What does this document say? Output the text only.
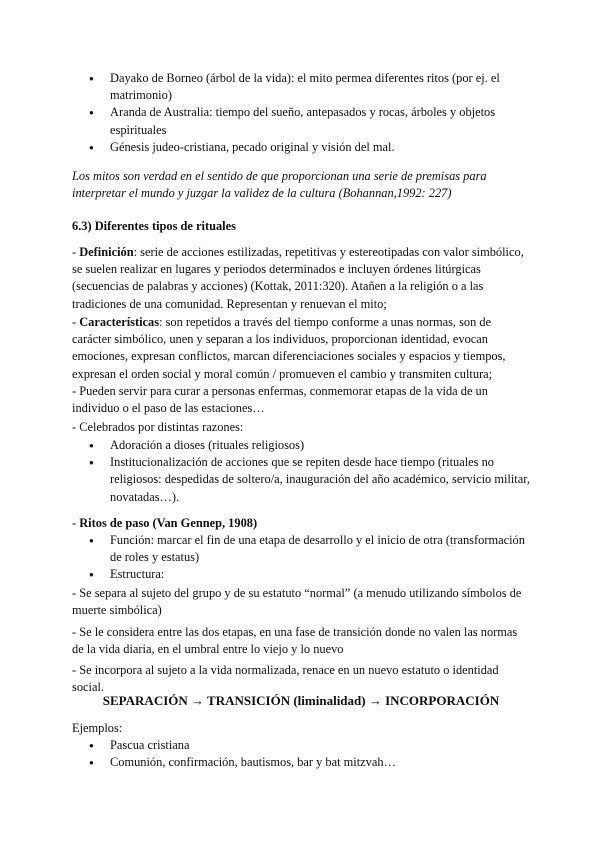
● Dayako de Borneo (árbol de la vida): el mito permea diferentes ritos (por ej. el matrimonio)
● Aranda de Australia: tiempo del sueño, antepasados y rocas, árboles y objetos espirituales
● Génesis judeo-cristiana, pecado original y visión del mal.

Los mitos son verdad en el sentido de que proporcionan una serie de premisas para interpretar el mundo y juzgar la validez de la cultura (Bohannan,1992: 227)

6.3) Diferentes tipos de rituales

- Definición: serie de acciones estilizadas, repetitivas y estereotipadas con valor simbólico, se suelen realizar en lugares y periodos determinados e incluyen órdenes litúrgicas (secuencias de palabras y acciones) (Kottak, 2011:320). Atañen a la religión o a las tradiciones de una comunidad. Representan y renuevan el mito;

- Características: son repetidos a través del tiempo conforme a unas normas, son de carácter simbólico, unen y separan a los individuos, proporcionan identidad, evocan emociones, expresan conflictos, marcan diferenciaciones sociales y espacios y tiempos, expresan el orden social y moral común / promueven el cambio y transmiten cultura;

- Pueden servir para curar a personas enfermas, conmemorar etapas de la vida de un individuo o el paso de las estaciones…

- Celebrados por distintas razones:

● Adoración a dioses (rituales religiosos)
● Institucionalización de acciones que se repiten desde hace tiempo (rituales no religiosos: despedidas de soltero/a, inauguración del año académico, servicio militar, novatadas…).

- Ritos de paso (Van Gennep, 1908)

● Función: marcar el fin de una etapa de desarrollo y el inicio de otra (transformación de roles y estatus)
● Estructura:

- Se separa al sujeto del grupo y de su estatuto “normal” (a menudo utilizando símbolos de muerte simbólica)

- Se le considera entre las dos etapas, en una fase de transición donde no valen las normas de la vida diaria, en el umbral entre lo viejo y lo nuevo

- Se incorpora al sujeto a la vida normalizada, renace en un nuevo estatuto o identidad social.

SEPARACIÓN → TRANSICIÓN (liminalidad) → INCORPORACIÓN

Ejemplos:

● Pascua cristiana
● Comunión, confirmación, bautismos, bar y bat mitzvah…
